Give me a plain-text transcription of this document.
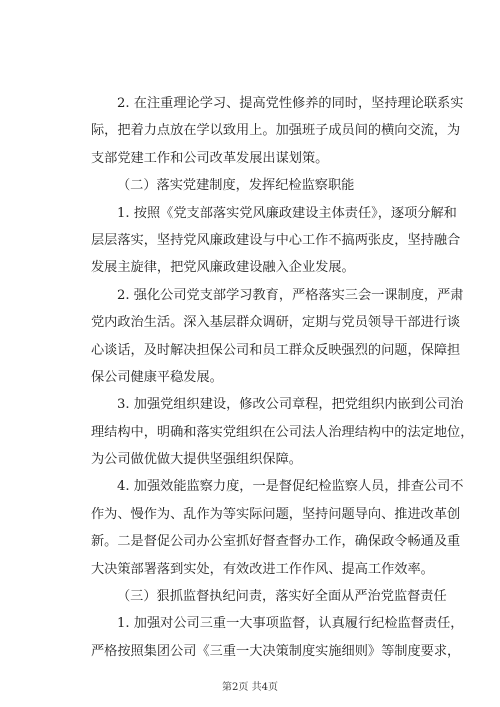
2. 在注重理论学习、提高党性修养的同时，坚持理论联系实
际，把着力点放在学以致用上。加强班子成员间的横向交流，为
支部党建工作和公司改革发展出谋划策。
（二）落实党建制度，发挥纪检监察职能
1. 按照《党支部落实党风廉政建设主体责任》，逐项分解和
层层落实，坚持党风廉政建设与中心工作不搞两张皮，坚持融合
发展主旋律，把党风廉政建设融入企业发展。
2. 强化公司党支部学习教育，严格落实三会一课制度，严肃
党内政治生活。深入基层群众调研，定期与党员领导干部进行谈
心谈话，及时解决担保公司和员工群众反映强烈的问题，保障担
保公司健康平稳发展。
3. 加强党组织建设，修改公司章程，把党组织内嵌到公司治
理结构中，明确和落实党组织在公司法人治理结构中的法定地位，
为公司做优做大提供坚强组织保障。
4. 加强效能监察力度，一是督促纪检监察人员，排查公司不
作为、慢作为、乱作为等实际问题，坚持问题导向、推进改革创
新。二是督促公司办公室抓好督查督办工作，确保政令畅通及重
大决策部署落到实处，有效改进工作作风、提高工作效率。
（三）狠抓监督执纪问责，落实好全面从严治党监督责任
1. 加强对公司三重一大事项监督，认真履行纪检监督责任，
严格按照集团公司《三重一大决策制度实施细则》等制度要求，
第2页 共4页
